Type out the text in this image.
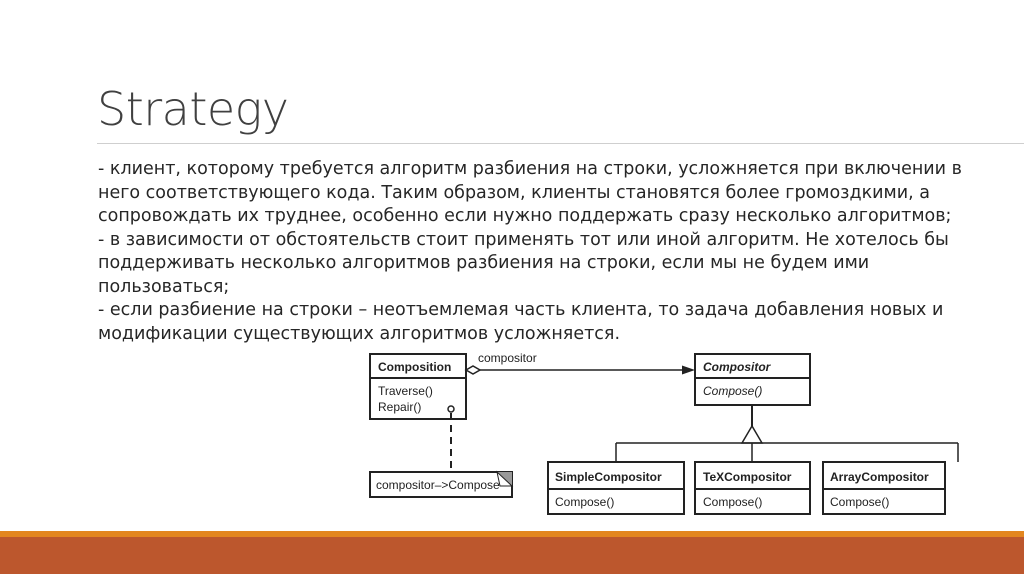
Strategy
- клиент, которому требуется алгоритм разбиения на строки, усложняется при включении в
него соответствующего кода. Таким образом, клиенты становятся более громоздкими, а
сопровождать их труднее, особенно если нужно поддержать сразу несколько алгоритмов;
- в зависимости от обстоятельств стоит применять тот или иной алгоритм. Не хотелось бы
поддерживать несколько алгоритмов разбиения на строки, если мы не будем ими
пользоваться;
- если разбиение на строки – неотъемлемая часть клиента, то задача добавления новых и
модификации существующих алгоритмов усложняется.
Composition
Traverse()
Repair()
compositor
Compositor
Compose()
compositor–>Compose
SimpleCompositor
Compose()
TeXCompositor
Compose()
ArrayCompositor
Compose()
